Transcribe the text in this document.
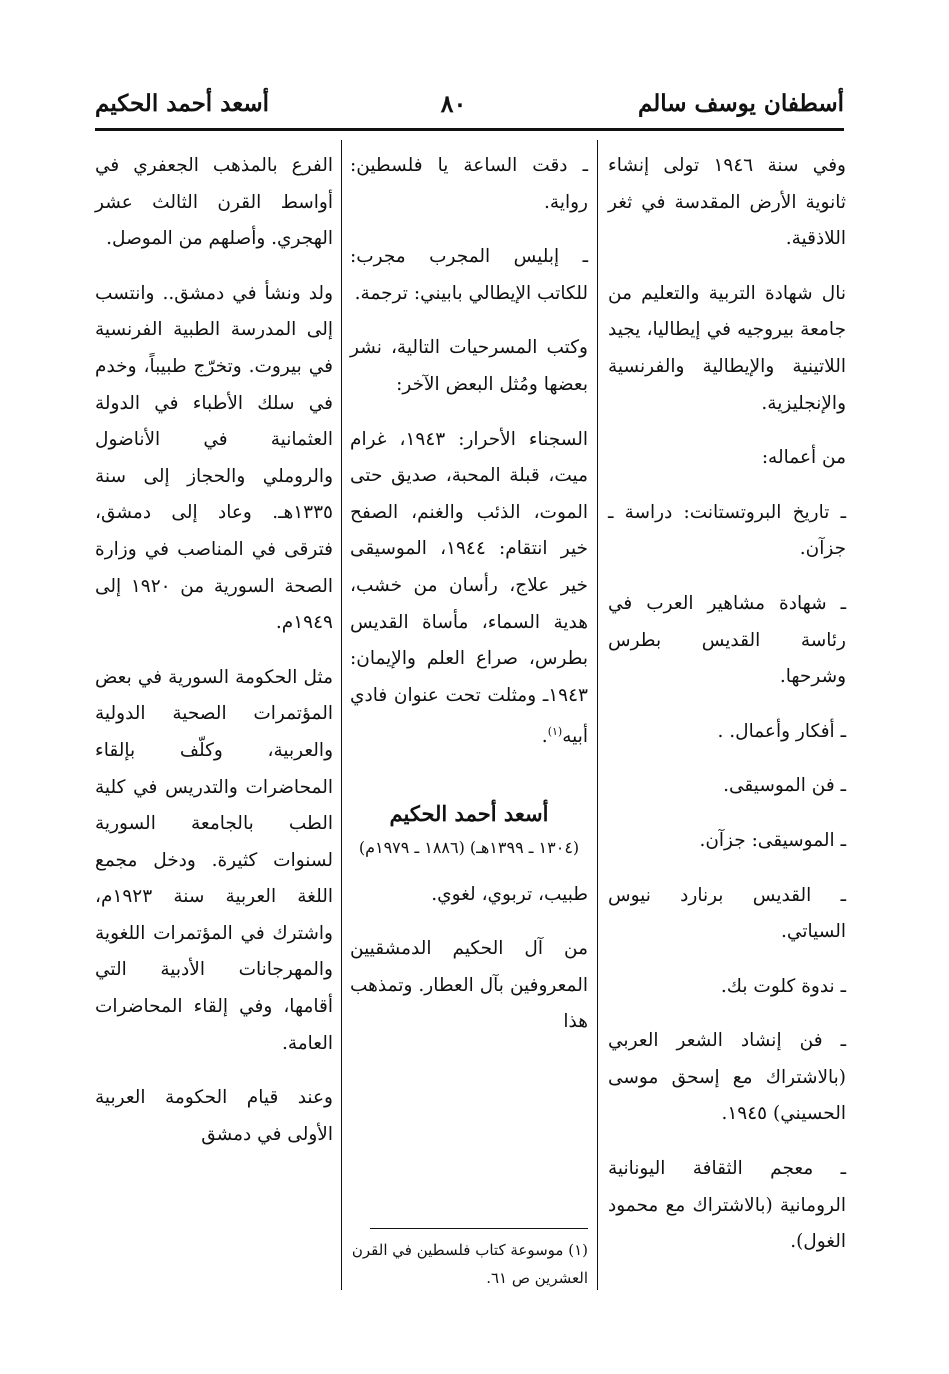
أسطفان يوسف سالم
٨٠
أسعد أحمد الحكيم

وفي سنة ١٩٤٦ تولى إنشاء ثانوية الأرض المقدسة في ثغر اللاذقية.

نال شهادة التربية والتعليم من جامعة بيروجيه في إيطاليا، يجيد اللاتينية والإيطالية والفرنسية والإنجليزية.

من أعماله:

ـ تاريخ البروتستانت: دراسة ـ جزآن.

ـ شهادة مشاهير العرب في رئاسة القديس بطرس وشرحها.

ـ أفكار وأعمال. .

ـ فن الموسيقى.

ـ الموسيقى: جزآن.

ـ القديس برنارد نيوس السياتي.

ـ ندوة كلوت بك.

ـ فن إنشاد الشعر العربي (بالاشتراك مع إسحق موسى الحسيني) ١٩٤٥.

ـ معجم الثقافة اليونانية الرومانية (بالاشتراك مع محمود الغول).

ـ دقت الساعة يا فلسطين: رواية.

ـ إبليس المجرب مجرب: للكاتب الإيطالي بابيني: ترجمة.

وكتب المسرحيات التالية، نشر بعضها ومُثل البعض الآخر:

السجناء الأحرار: ١٩٤٣، غرام ميت، قبلة المحبة، صديق حتى الموت، الذئب والغنم، الصفح خير انتقام: ١٩٤٤، الموسيقى خير علاج، رأسان من خشب، هدية السماء، مأساة القديس بطرس، صراع العلم والإيمان: ١٩٤٣ـ ومثلت تحت عنوان فادي أبيه$^{(١)}$.

أسعد أحمد الحكيم
(١٣٠٤ ـ ١٣٩٩هـ) (١٨٨٦ ـ ١٩٧٩م)

طبيب، تربوي، لغوي.

من آل الحكيم الدمشقيين المعروفين بآل العطار. وتمذهب هذا

(١) موسوعة كتاب فلسطين في القرن العشرين ص ٦١.

الفرع بالمذهب الجعفري في أواسط القرن الثالث عشر الهجري. وأصلهم من الموصل.

ولد ونشأ في دمشق.. وانتسب إلى المدرسة الطبية الفرنسية في بيروت. وتخرّج طبيباً، وخدم في سلك الأطباء في الدولة العثمانية في الأناضول والروملي والحجاز إلى سنة ١٣٣٥هـ. وعاد إلى دمشق، فترقى في المناصب في وزارة الصحة السورية من ١٩٢٠ إلى ١٩٤٩م.

مثل الحكومة السورية في بعض المؤتمرات الصحية الدولية والعربية، وكلّف بإلقاء المحاضرات والتدريس في كلية الطب بالجامعة السورية لسنوات كثيرة. ودخل مجمع اللغة العربية سنة ١٩٢٣م، واشترك في المؤتمرات اللغوية والمهرجانات الأدبية التي أقامها، وفي إلقاء المحاضرات العامة.

وعند قيام الحكومة العربية الأولى في دمشق
